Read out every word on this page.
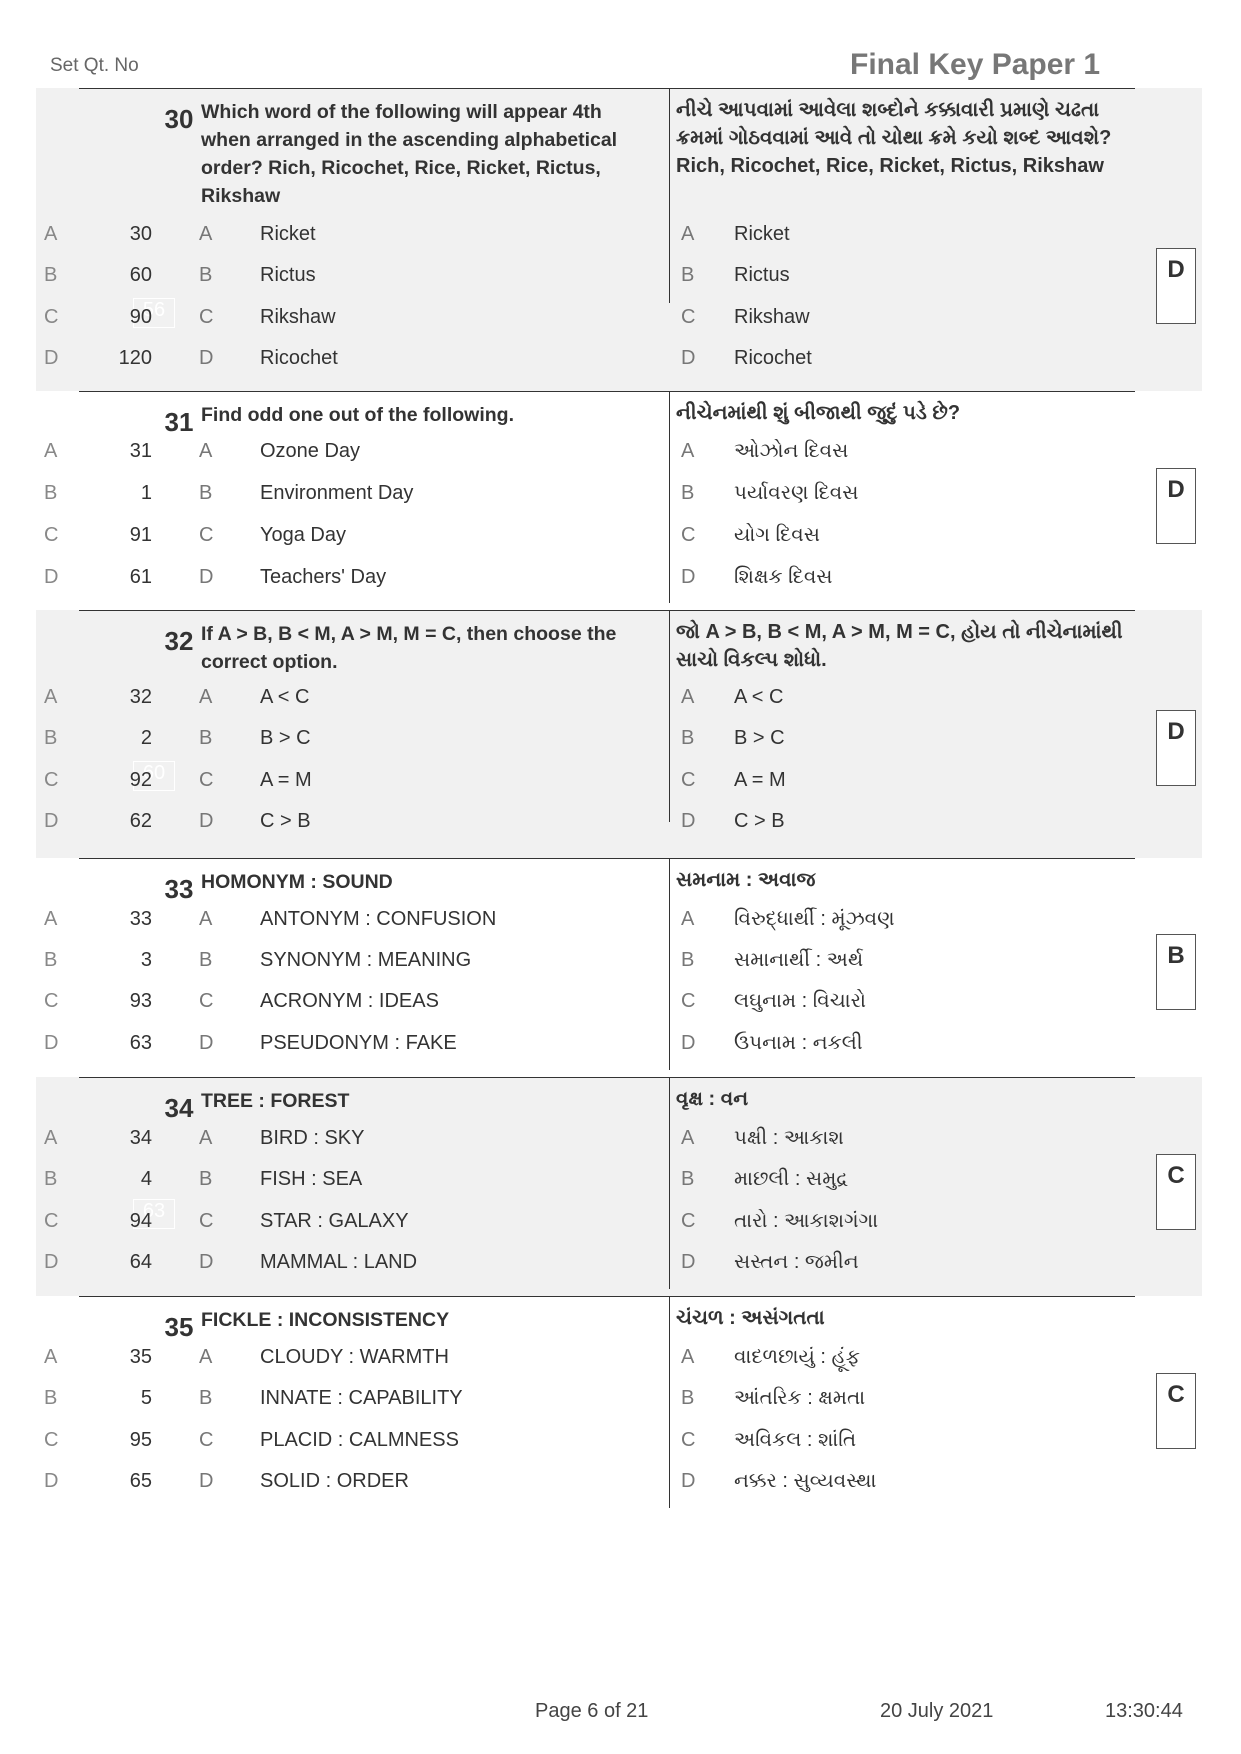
Set Qt. No	Final Key Paper 1
30 Which word of the following will appear 4th when arranged in the ascending alphabetical order? Rich, Ricochet, Rice, Ricket, Rictus, Rikshaw
નીચે આપવામાં આવેલા શબ્દોને કક્કાવારી પ્રમાણે ચઢતા ક્રમમાં ગોઠવવામાં આવે તો ચોથા ક્રમે કયો શબ્દ આવશે? Rich, Ricochet, Rice, Ricket, Rictus, Rikshaw
56
A	30 A	Ricket	A	Ricket
B	60 B	Rictus	B	Rictus
C	90 C	Rikshaw	C	Rikshaw
D	120 D	Ricochet	D	Ricochet
D
31 Find odd one out of the following.	નીચેનમાંથી શું બીજાથી જુદું પડે છે?
A	31 A	Ozone Day	A	ઓઝોન દિવસ
B	1 B	Environment Day	B	પર્યાવરણ દિવસ
C	91 C	Yoga Day	C	યોગ દિવસ
D	61 D	Teachers' Day	D	શિક્ષક દિવસ
D
32 If A > B, B < M, A > M, M = C, then choose the correct option.
જો A > B, B < M, A > M, M = C, હોય તો નીચેનામાંથી સાચો વિકલ્પ શોધો.
60
A	32 A	A < C	A	A < C
B	2 B	B > C	B	B > C
C	92 C	A = M	C	A = M
D	62 D	C > B	D	C > B
D
33 HOMONYM : SOUND	સમનામ : અવાજ
A	33 A	ANTONYM : CONFUSION	A	વિરુદ્ધાર્થી : મૂંઝવણ
B	3 B	SYNONYM : MEANING	B	સમાનાર્થી : અર્થ
C	93 C	ACRONYM : IDEAS	C	લઘુનામ : વિચારો
D	63 D	PSEUDONYM : FAKE	D	ઉપનામ : નકલી
B
34 TREE : FOREST	વૃક્ષ : વન
63
A	34 A	BIRD : SKY	A	પક્ષી : આકાશ
B	4 B	FISH : SEA	B	માછલી : સમુદ્ર
C	94 C	STAR : GALAXY	C	તારો : આકાશગંગા
D	64 D	MAMMAL : LAND	D	સસ્તન : જમીન
C
35 FICKLE : INCONSISTENCY	ચંચળ : અસંગતતા
A	35 A	CLOUDY : WARMTH	A	વાદળછાયું : હૂંફ
B	5 B	INNATE : CAPABILITY	B	આંતરિક : ક્ષમતા
C	95 C	PLACID : CALMNESS	C	અવિકલ : શાંતિ
D	65 D	SOLID : ORDER	D	નક્કર : સુવ્યવસ્થા
C
Page 6 of 21	20 July 2021	13:30:44
